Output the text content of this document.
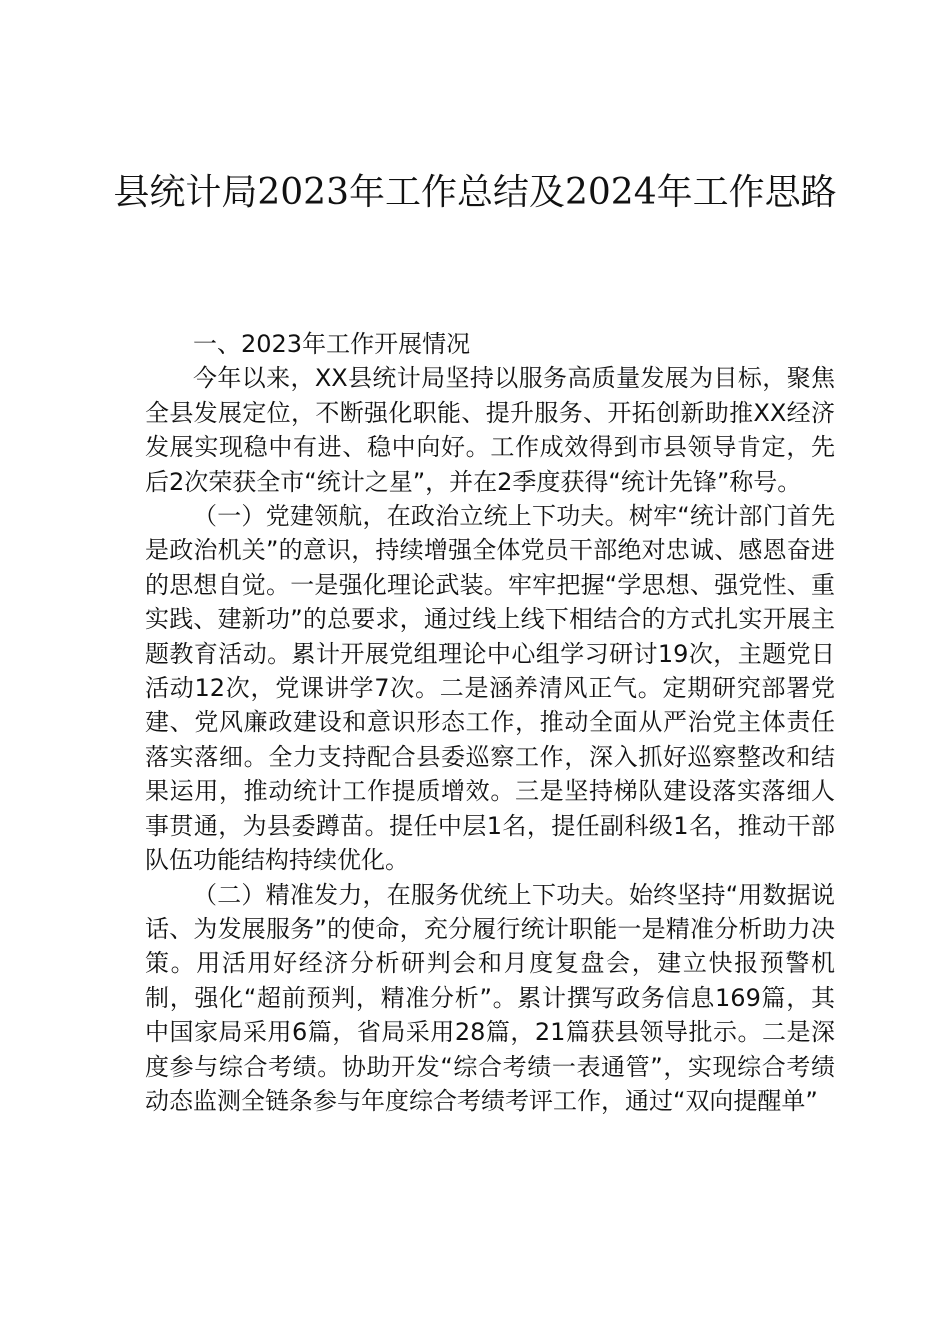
县统计局2023年工作总结及2024年工作思路

一、2023年工作开展情况

今年以来，XX县统计局坚持以服务高质量发展为目标，聚焦全县发展定位，不断强化职能、提升服务、开拓创新助推XX经济发展实现稳中有进、稳中向好。工作成效得到市县领导肯定，先后2次荣获全市“统计之星”，并在2季度获得“统计先锋”称号。

（一）党建领航，在政治立统上下功夫。树牢“统计部门首先是政治机关”的意识，持续增强全体党员干部绝对忠诚、感恩奋进的思想自觉。一是强化理论武装。牢牢把握“学思想、强党性、重实践、建新功”的总要求，通过线上线下相结合的方式扎实开展主题教育活动。累计开展党组理论中心组学习研讨19次，主题党日活动12次，党课讲学7次。二是涵养清风正气。定期研究部署党建、党风廉政建设和意识形态工作，推动全面从严治党主体责任落实落细。全力支持配合县委巡察工作，深入抓好巡察整改和结果运用，推动统计工作提质增效。三是坚持梯队建设落实落细人事贯通，为县委蹲苗。提任中层1名，提任副科级1名，推动干部队伍功能结构持续优化。

（二）精准发力，在服务优统上下功夫。始终坚持“用数据说话、为发展服务”的使命，充分履行统计职能一是精准分析助力决策。用活用好经济分析研判会和月度复盘会，建立快报预警机制，强化“超前预判，精准分析”。累计撰写政务信息169篇，其中国家局采用6篇，省局采用28篇，21篇获县领导批示。二是深度参与综合考绩。协助开发“综合考绩一表通管”，实现综合考绩动态监测全链条参与年度综合考绩考评工作，通过“双向提醒单”
